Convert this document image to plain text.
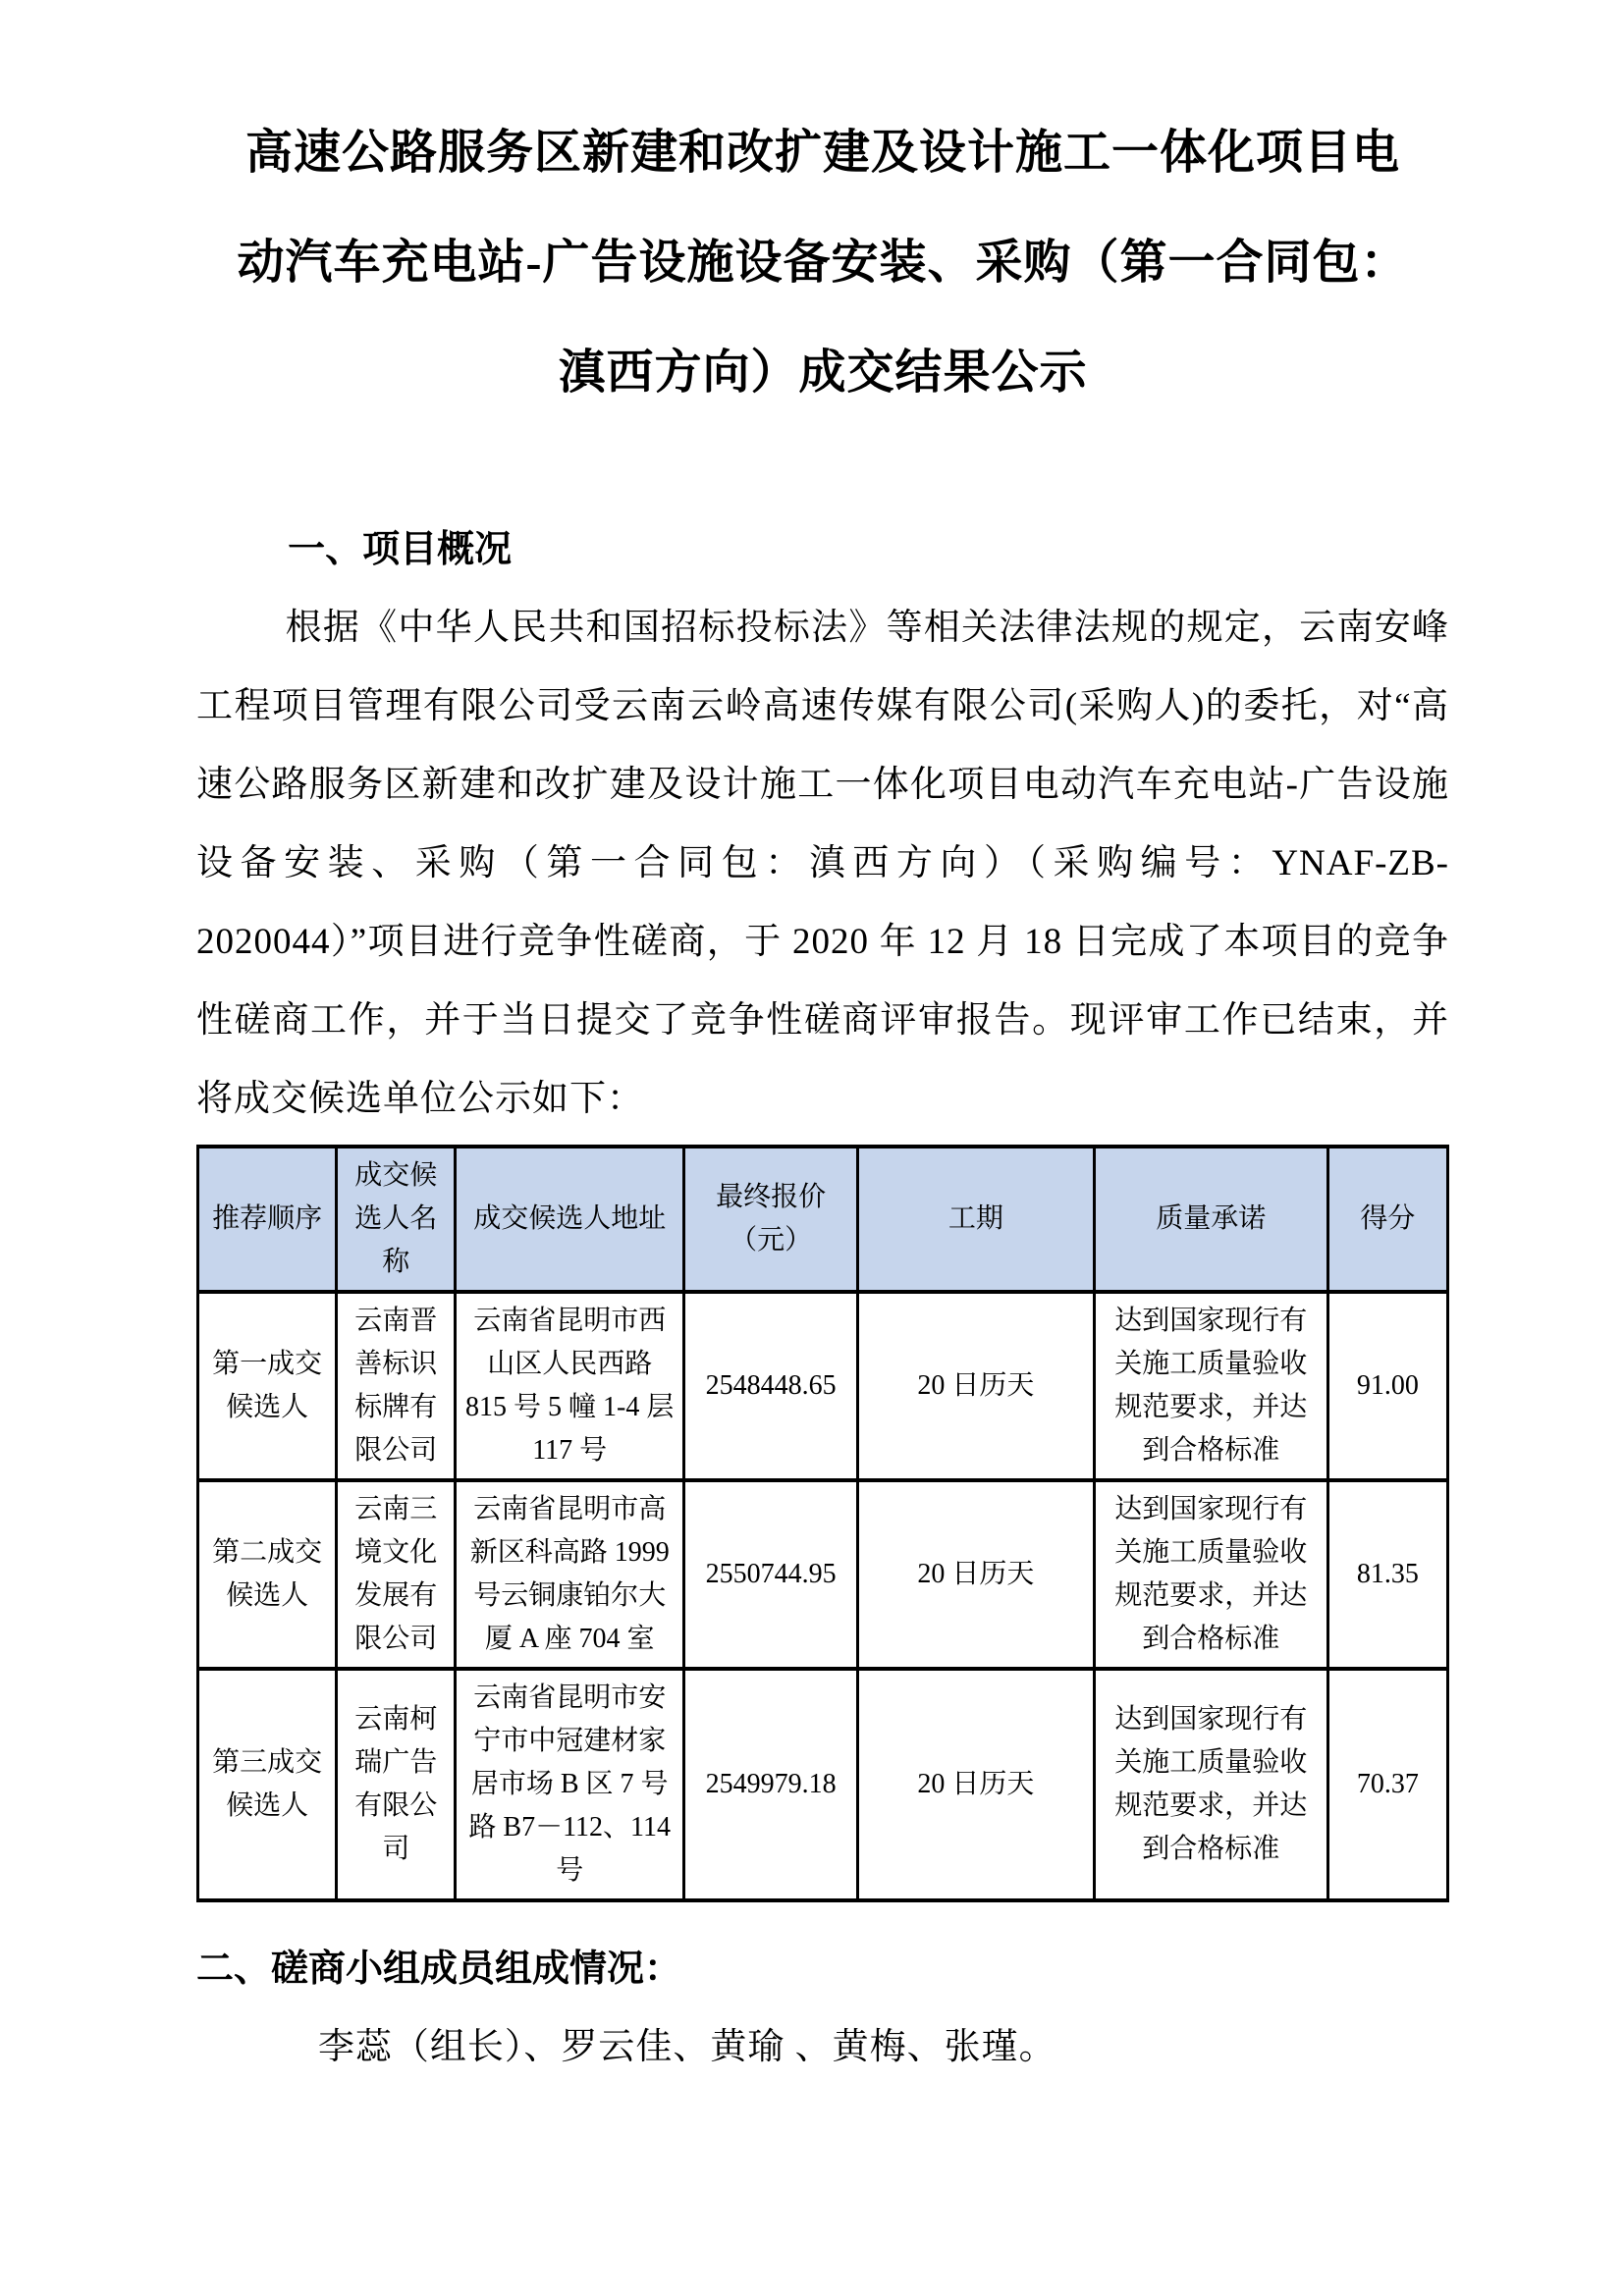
高速公路服务区新建和改扩建及设计施工一体化项目电动汽车充电站-广告设施设备安装、采购（第一合同包：滇西方向）成交结果公示
一、项目概况

根据《中华人民共和国招标投标法》等相关法律法规的规定，云南安峰工程项目管理有限公司受云南云岭高速传媒有限公司(采购人)的委托，对“高速公路服务区新建和改扩建及设计施工一体化项目电动汽车充电站-广告设施设备安装、采购（第一合同包：滇西方向）（采购编号：YNAF-ZB-2020044）”项目进行竞争性磋商，于 2020 年 12 月 18 日完成了本项目的竞争性磋商工作，并于当日提交了竞争性磋商评审报告。现评审工作已结束，并将成交候选单位公示如下：

推荐顺序	成交候选人名称	成交候选人地址	最终报价（元）	工期	质量承诺	得分
第一成交候选人	云南晋善标识标牌有限公司	云南省昆明市西山区人民西路 815 号 5 幢 1-4 层 117 号	2548448.65	20 日历天	达到国家现行有关施工质量验收规范要求，并达到合格标准	91.00
第二成交候选人	云南三境文化发展有限公司	云南省昆明市高新区科高路 1999 号云铜康铂尔大厦 A 座 704 室	2550744.95	20 日历天	达到国家现行有关施工质量验收规范要求，并达到合格标准	81.35
第三成交候选人	云南柯瑞广告有限公司	云南省昆明市安宁市中冠建材家居市场 B 区 7 号路 B7－112、114 号	2549979.18	20 日历天	达到国家现行有关施工质量验收规范要求，并达到合格标准	70.37
二、磋商小组成员组成情况：

李蕊（组长）、罗云佳、黄瑜 、黄梅、张瑾。
